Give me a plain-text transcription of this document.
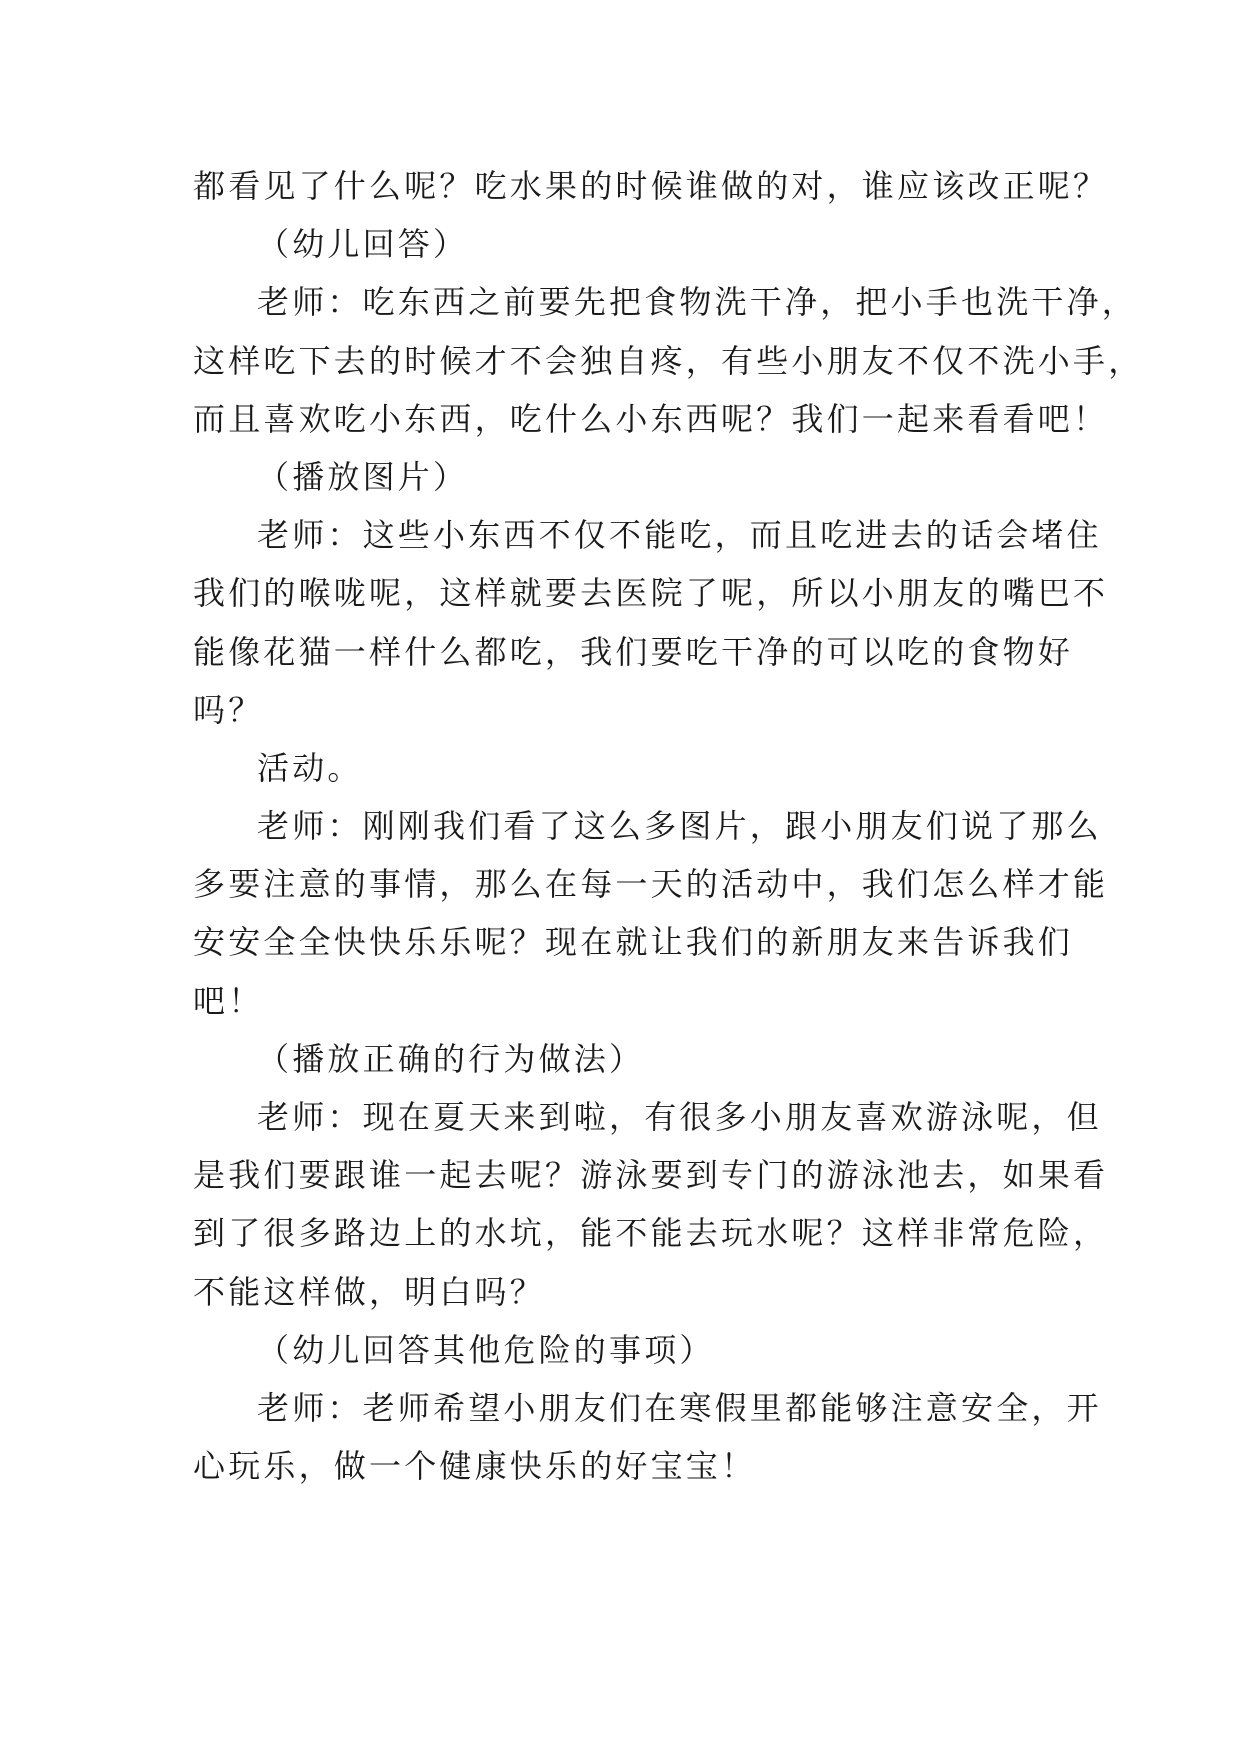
都看见了什么呢？吃水果的时候谁做的对，谁应该改正呢？
（幼儿回答）
老师：吃东西之前要先把食物洗干净，把小手也洗干净，
这样吃下去的时候才不会独自疼，有些小朋友不仅不洗小手，
而且喜欢吃小东西，吃什么小东西呢？我们一起来看看吧！
（播放图片）
老师：这些小东西不仅不能吃，而且吃进去的话会堵住
我们的喉咙呢，这样就要去医院了呢，所以小朋友的嘴巴不
能像花猫一样什么都吃，我们要吃干净的可以吃的食物好
吗？
活动。
老师：刚刚我们看了这么多图片，跟小朋友们说了那么
多要注意的事情，那么在每一天的活动中，我们怎么样才能
安安全全快快乐乐呢？现在就让我们的新朋友来告诉我们
吧！
（播放正确的行为做法）
老师：现在夏天来到啦，有很多小朋友喜欢游泳呢，但
是我们要跟谁一起去呢？游泳要到专门的游泳池去，如果看
到了很多路边上的水坑，能不能去玩水呢？这样非常危险，
不能这样做，明白吗？
（幼儿回答其他危险的事项）
老师：老师希望小朋友们在寒假里都能够注意安全，开
心玩乐，做一个健康快乐的好宝宝！
